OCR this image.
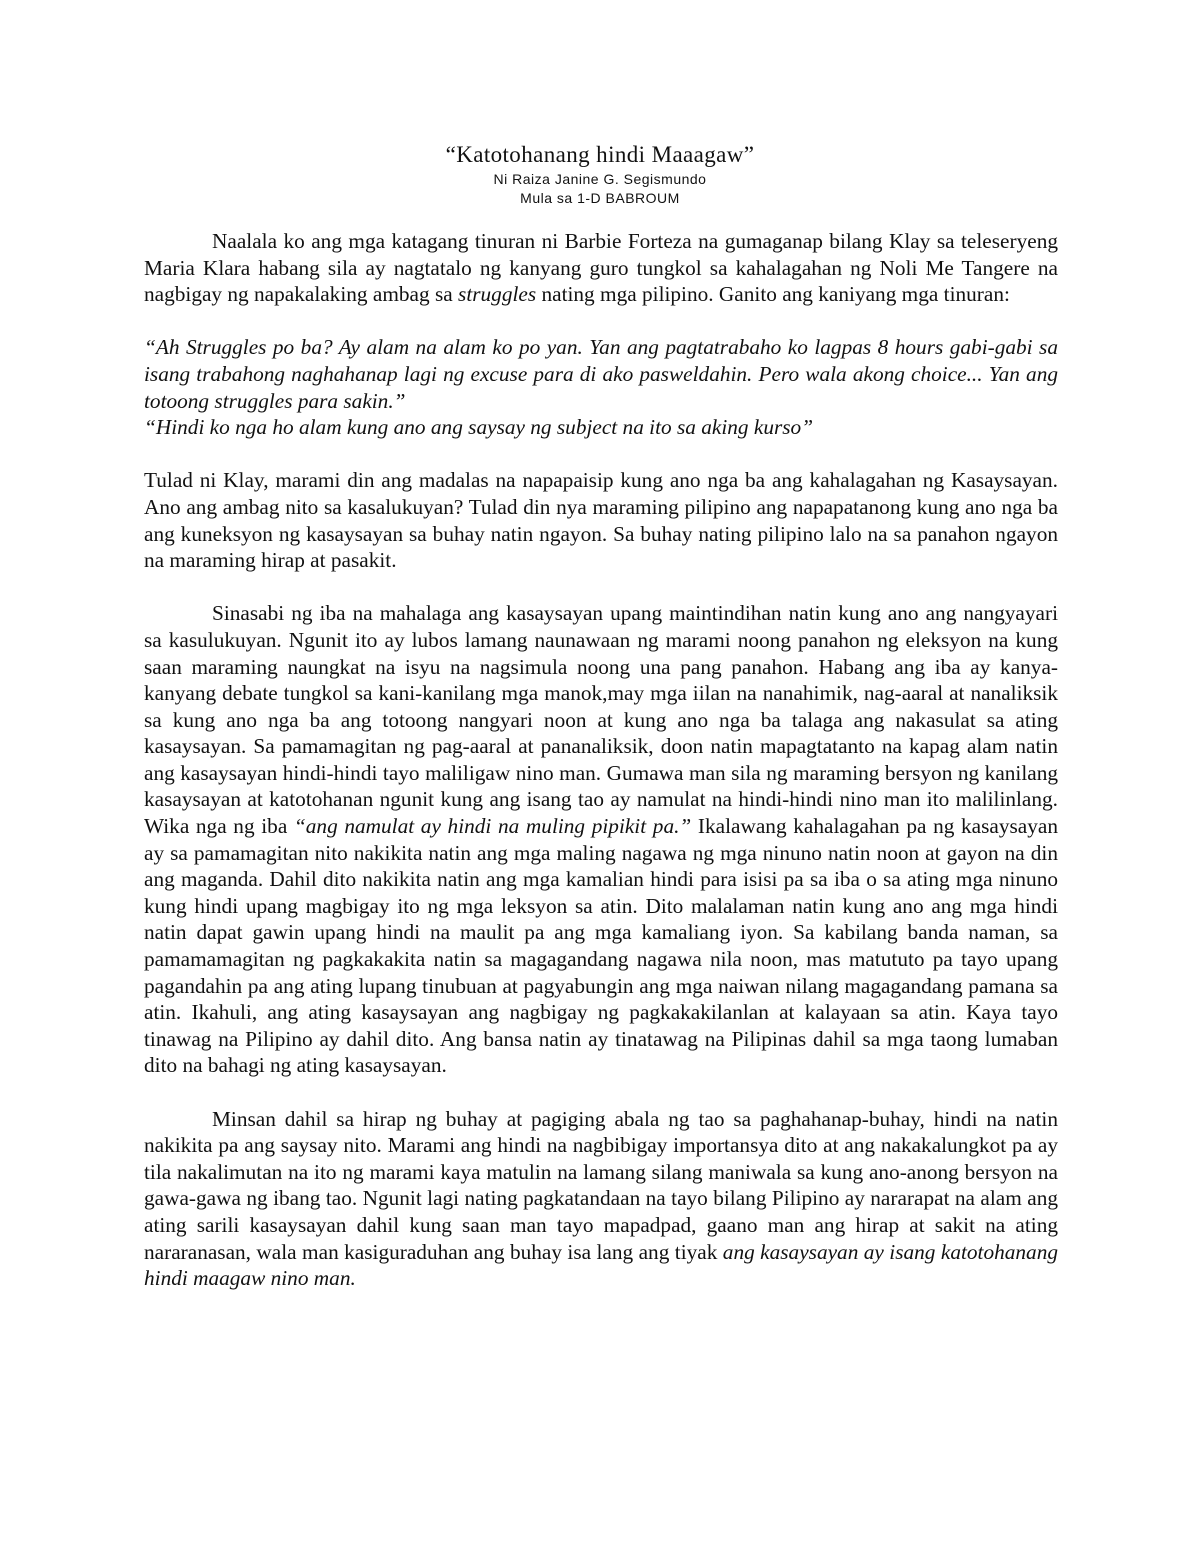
“Katotohanang hindi Maaagaw”
Ni Raiza Janine G. Segismundo
Mula sa 1-D BABROUM

Naalala ko ang mga katagang tinuran ni Barbie Forteza na gumaganap bilang Klay sa teleseryeng Maria Klara habang sila ay nagtatalo ng kanyang guro tungkol sa kahalagahan ng Noli Me Tangere na nagbigay ng napakalaking ambag sa struggles nating mga pilipino. Ganito ang kaniyang mga tinuran:

“Ah Struggles po ba? Ay alam na alam ko po yan. Yan ang pagtatrabaho ko lagpas 8 hours gabi-gabi sa isang trabahong naghahanap lagi ng excuse para di ako pasweldahin. Pero wala akong choice... Yan ang totoong struggles para sakin.”
“Hindi ko nga ho alam kung ano ang saysay ng subject na ito sa aking kurso”

Tulad ni Klay, marami din ang madalas na napapaisip kung ano nga ba ang kahalagahan ng Kasaysayan. Ano ang ambag nito sa kasalukuyan? Tulad din nya maraming pilipino ang napapatanong kung ano nga ba ang kuneksyon ng kasaysayan sa buhay natin ngayon. Sa buhay nating pilipino lalo na sa panahon ngayon na maraming hirap at pasakit.

Sinasabi ng iba na mahalaga ang kasaysayan upang maintindihan natin kung ano ang nangyayari sa kasulukuyan. Ngunit ito ay lubos lamang naunawaan ng marami noong panahon ng eleksyon na kung saan maraming naungkat na isyu na nagsimula noong una pang panahon. Habang ang iba ay kanya-kanyang debate tungkol sa kani-kanilang mga manok,may mga iilan na nanahimik, nag-aaral at nanaliksik sa kung ano nga ba ang totoong nangyari noon at kung ano nga ba talaga ang nakasulat sa ating kasaysayan. Sa pamamagitan ng pag-aaral at pananaliksik, doon natin mapagtatanto na kapag alam natin ang kasaysayan hindi-hindi tayo maliligaw nino man. Gumawa man sila ng maraming bersyon ng kanilang kasaysayan at katotohanan ngunit kung ang isang tao ay namulat na hindi-hindi nino man ito malilinlang. Wika nga ng iba “ang namulat ay hindi na muling pipikit pa.” Ikalawang kahalagahan pa ng kasaysayan ay sa pamamagitan nito nakikita natin ang mga maling nagawa ng mga ninuno natin noon at gayon na din ang maganda. Dahil dito nakikita natin ang mga kamalian hindi para isisi pa sa iba o sa ating mga ninuno kung hindi upang magbigay ito ng mga leksyon sa atin. Dito malalaman natin kung ano ang mga hindi natin dapat gawin upang hindi na maulit pa ang mga kamaliang iyon. Sa kabilang banda naman, sa pamamamagitan ng pagkakakita natin sa magagandang nagawa nila noon, mas matututo pa tayo upang pagandahin pa ang ating lupang tinubuan at pagyabungin ang mga naiwan nilang magagandang pamana sa atin. Ikahuli, ang ating kasaysayan ang nagbigay ng pagkakakilanlan at kalayaan sa atin. Kaya tayo tinawag na Pilipino ay dahil dito. Ang bansa natin ay tinatawag na Pilipinas dahil sa mga taong lumaban dito na bahagi ng ating kasaysayan.

Minsan dahil sa hirap ng buhay at pagiging abala ng tao sa paghahanap-buhay, hindi na natin nakikita pa ang saysay nito. Marami ang hindi na nagbibigay importansya dito at ang nakakalungkot pa ay tila nakalimutan na ito ng marami kaya matulin na lamang silang maniwala sa kung ano-anong bersyon na gawa-gawa ng ibang tao. Ngunit lagi nating pagkatandaan na tayo bilang Pilipino ay nararapat na alam ang ating sarili kasaysayan dahil kung saan man tayo mapadpad, gaano man ang hirap at sakit na ating nararanasan, wala man kasiguraduhan ang buhay isa lang ang tiyak ang kasaysayan ay isang katotohanang hindi maagaw nino man.
